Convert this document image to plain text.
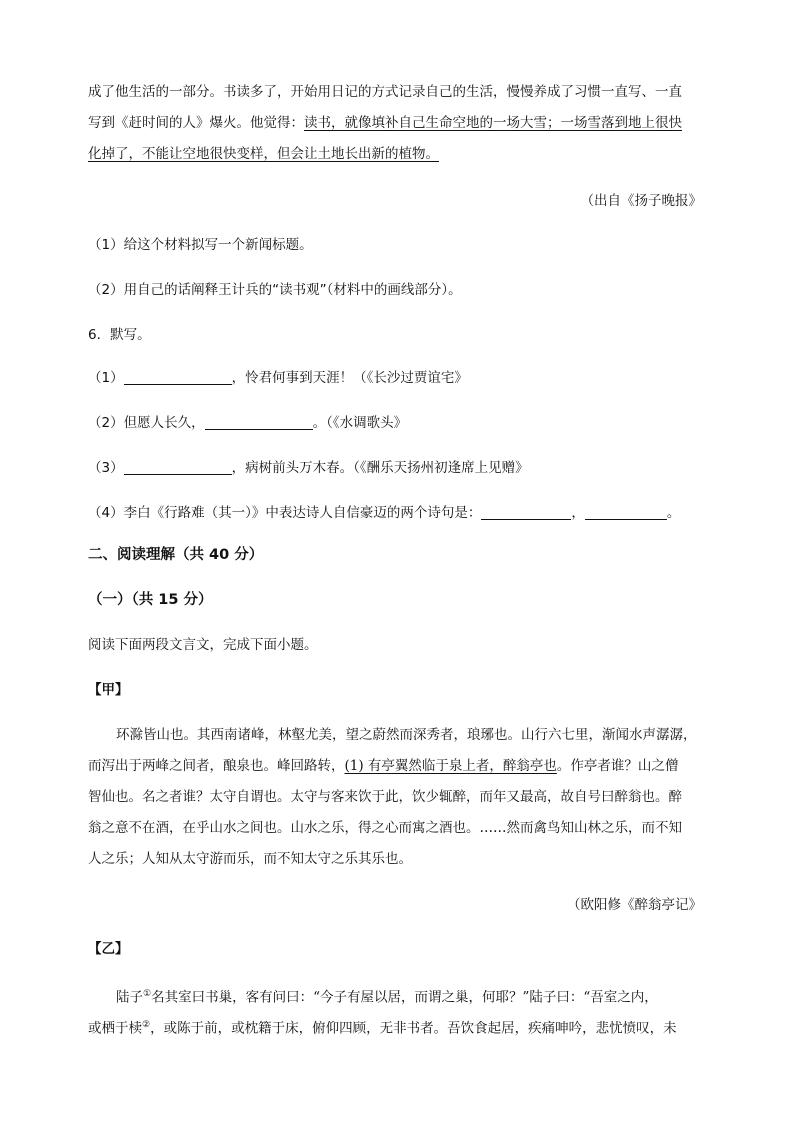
成了他生活的一部分。书读多了，开始用日记的方式记录自己的生活，慢慢养成了习惯一直写、一直
写到《赶时间的人》爆火。他觉得：读书，就像填补自己生命空地的一场大雪；一场雪落到地上很快
化掉了，不能让空地很快变样，但会让土地长出新的植物。
（出自《扬子晚报》
（1）给这个材料拟写一个新闻标题。
（2）用自己的话阐释王计兵的“读书观”（材料中的画线部分）。
6．默写。
（1）	，怜君何事到天涯！（《长沙过贾谊宅》
（2）但愿人长久，	。（《水调歌头》
（3）	，病树前头万木春。（《酬乐天扬州初逢席上见赠》
（4）李白《行路难（其一）》中表达诗人自信豪迈的两个诗句是：	，	。
二、阅读理解（共 40 分）
（一）（共 15 分）
阅读下面两段文言文，完成下面小题。
【甲】
环滁皆山也。其西南诸峰，林壑尤美，望之蔚然而深秀者，琅琊也。山行六七里，渐闻水声潺潺，
而泻出于两峰之间者，酿泉也。峰回路转，(1) 有亭翼然临于泉上者，醉翁亭也。作亭者谁？山之僧
智仙也。名之者谁？太守自谓也。太守与客来饮于此，饮少辄醉，而年又最高，故自号曰醉翁也。醉
翁之意不在酒，在乎山水之间也。山水之乐，得之心而寓之酒也。……然而禽鸟知山林之乐，而不知
人之乐；人知从太守游而乐，而不知太守之乐其乐也。
（欧阳修《醉翁亭记》
【乙】
陆子①名其室曰书巢，客有问曰：“今子有屋以居，而谓之巢，何耶？”陆子曰：“吾室之内，
或栖于椟②，或陈于前，或枕籍于床，俯仰四顾，无非书者。吾饮食起居，疾痛呻吟，悲忧愤叹，未
